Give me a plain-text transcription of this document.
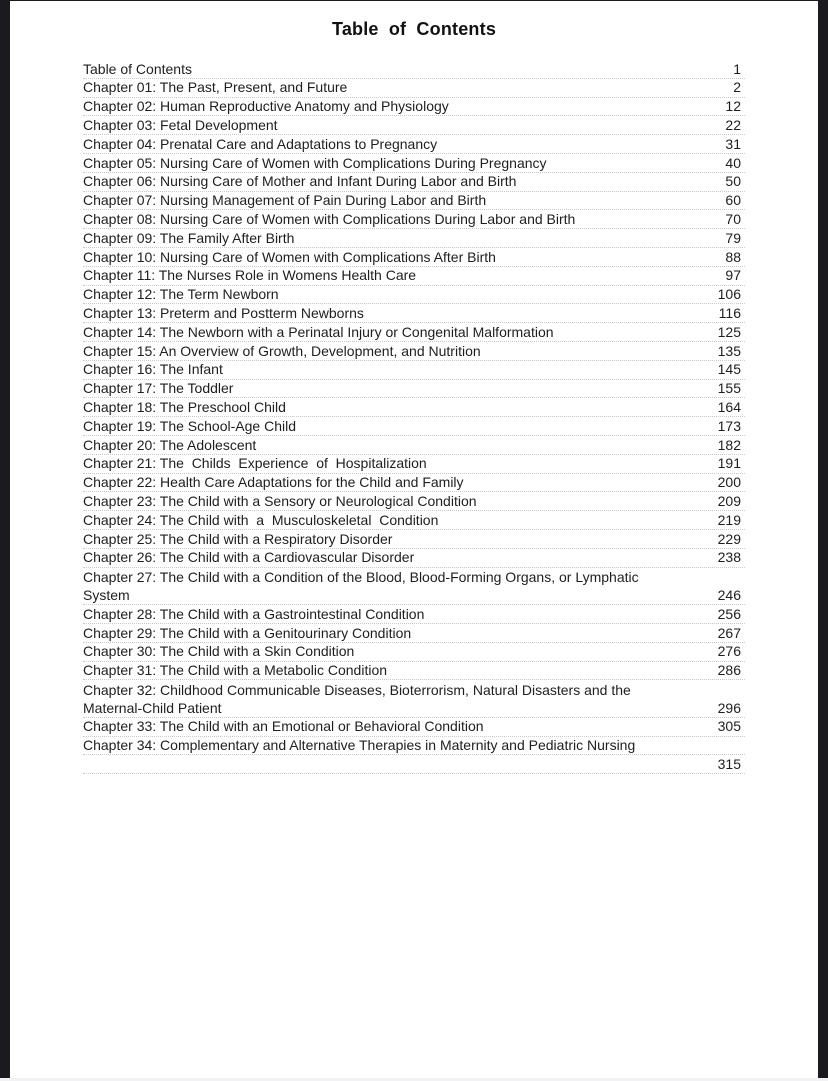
Table of Contents
Table of Contents	1
Chapter 01: The Past, Present, and Future	2
Chapter 02: Human Reproductive Anatomy and Physiology	12
Chapter 03: Fetal Development	22
Chapter 04: Prenatal Care and Adaptations to Pregnancy	31
Chapter 05: Nursing Care of Women with Complications During Pregnancy	40
Chapter 06: Nursing Care of Mother and Infant During Labor and Birth	50
Chapter 07: Nursing Management of Pain During Labor and Birth	60
Chapter 08: Nursing Care of Women with Complications During Labor and Birth	70
Chapter 09: The Family After Birth	79
Chapter 10: Nursing Care of Women with Complications After Birth	88
Chapter 11: The Nurses Role in Womens Health Care	97
Chapter 12: The Term Newborn	106
Chapter 13: Preterm and Postterm Newborns	116
Chapter 14: The Newborn with a Perinatal Injury or Congenital Malformation	125
Chapter 15: An Overview of Growth, Development, and Nutrition	135
Chapter 16: The Infant	145
Chapter 17: The Toddler	155
Chapter 18: The Preschool Child	164
Chapter 19: The School-Age Child	173
Chapter 20: The Adolescent	182
Chapter 21: The  Childs  Experience  of  Hospitalization	191
Chapter 22: Health Care Adaptations for the Child and Family	200
Chapter 23: The Child with a Sensory or Neurological Condition	209
Chapter 24: The Child with  a  Musculoskeletal  Condition	219
Chapter 25: The Child with a Respiratory Disorder	229
Chapter 26: The Child with a Cardiovascular Disorder	238
Chapter 27: The Child with a Condition of the Blood, Blood-Forming Organs, or Lymphatic
System	246
Chapter 28: The Child with a Gastrointestinal Condition	256
Chapter 29: The Child with a Genitourinary Condition	267
Chapter 30: The Child with a Skin Condition	276
Chapter 31: The Child with a Metabolic Condition	286
Chapter 32: Childhood Communicable Diseases, Bioterrorism, Natural Disasters and the
Maternal-Child Patient	296
Chapter 33: The Child with an Emotional or Behavioral Condition	305
Chapter 34: Complementary and Alternative Therapies in Maternity and Pediatric Nursing
315
